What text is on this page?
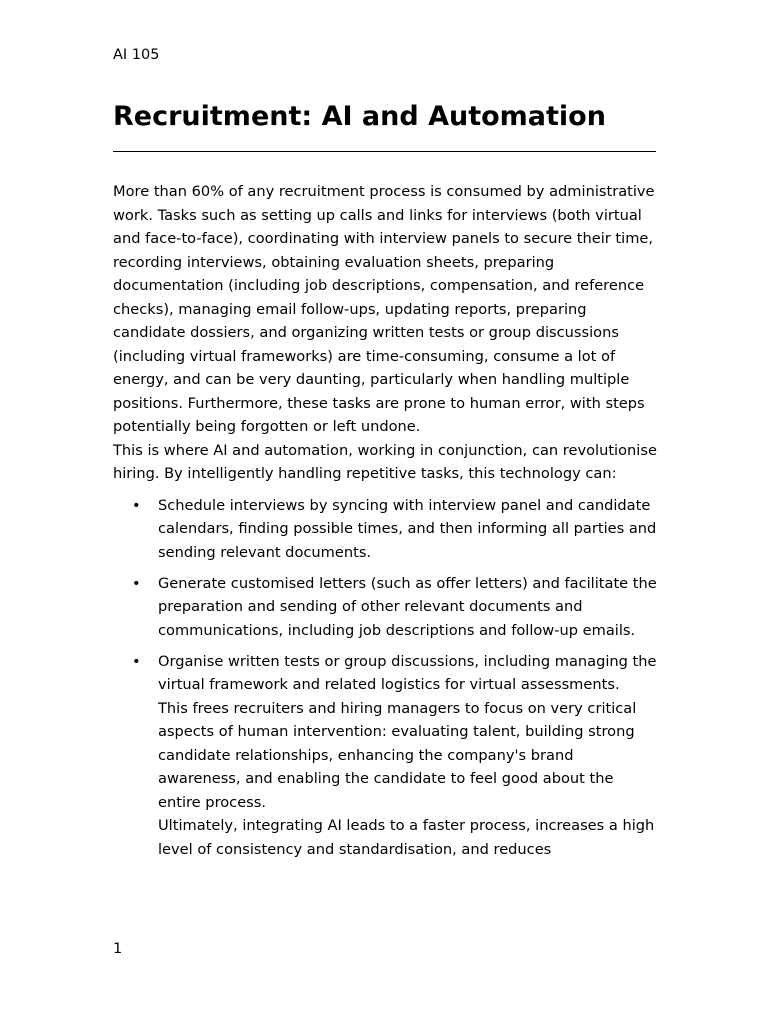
AI 105
Recruitment: AI and Automation

More than 60% of any recruitment process is consumed by administrative work. Tasks such as setting up calls and links for interviews (both virtual and face-to-face), coordinating with interview panels to secure their time, recording interviews, obtaining evaluation sheets, preparing documentation (including job descriptions, compensation, and reference checks), managing email follow-ups, updating reports, preparing candidate dossiers, and organizing written tests or group discussions (including virtual frameworks) are time-consuming, consume a lot of energy, and can be very daunting, particularly when handling multiple positions. Furthermore, these tasks are prone to human error, with steps potentially being forgotten or left undone.

This is where AI and automation, working in conjunction, can revolutionise hiring. By intelligently handling repetitive tasks, this technology can:

• Schedule interviews by syncing with interview panel and candidate calendars, finding possible times, and then informing all parties and sending relevant documents.
• Generate customised letters (such as offer letters) and facilitate the preparation and sending of other relevant documents and communications, including job descriptions and follow-up emails.
• Organise written tests or group discussions, including managing the virtual framework and related logistics for virtual assessments.
This frees recruiters and hiring managers to focus on very critical aspects of human intervention: evaluating talent, building strong candidate relationships, enhancing the company's brand awareness, and enabling the candidate to feel good about the entire process.
Ultimately, integrating AI leads to a faster process, increases a high level of consistency and standardisation, and reduces
1
